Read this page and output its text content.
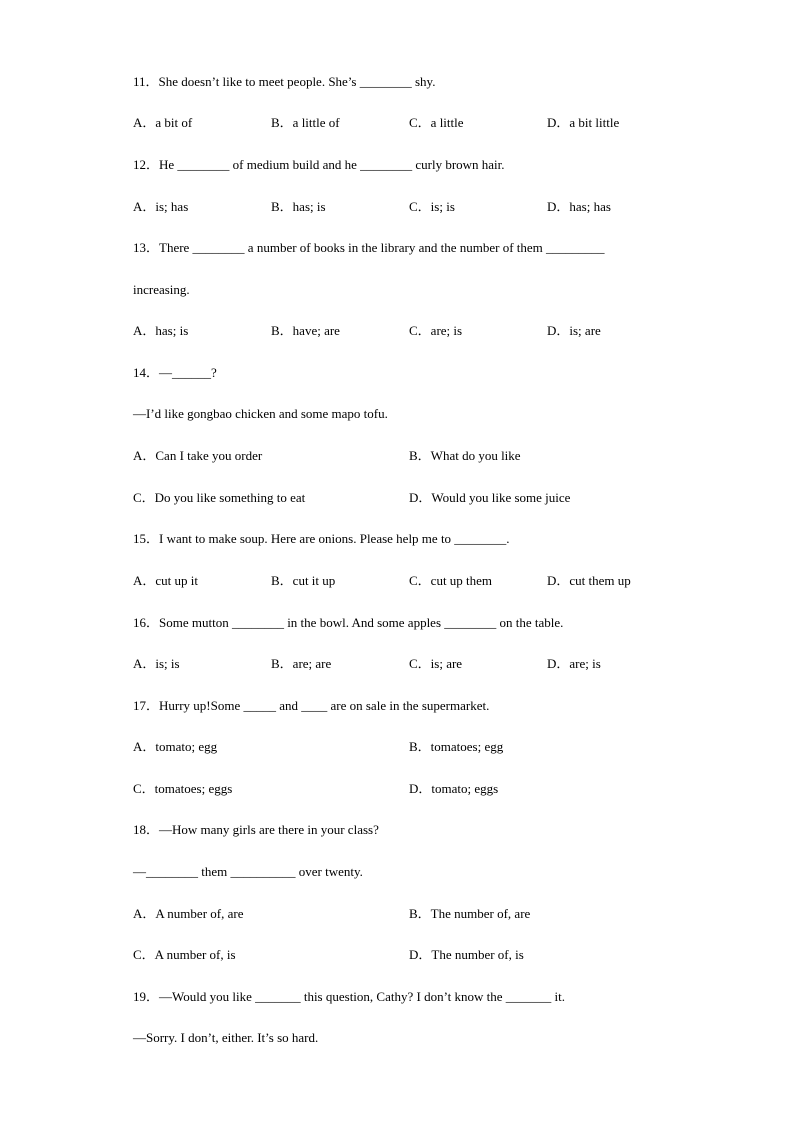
11．She doesn’t like to meet people. She’s ________ shy.
A．a bit of	B．a little of	C．a little	D．a bit little
12．He ________ of medium build and he ________ curly brown hair.
A．is; has	B．has; is	C．is; is	D．has; has
13．There ________ a number of books in the library and the number of them _________
increasing.
A．has; is	B．have; are	C．are; is	D．is; are
14．—______?
—I’d like gongbao chicken and some mapo tofu.
A．Can I take you order	B．What do you like
C．Do you like something to eat	D．Would you like some juice
15．I want to make soup. Here are onions. Please help me to ________.
A．cut up it	B．cut it up	C．cut up them	D．cut them up
16．Some mutton ________ in the bowl. And some apples ________ on the table.
A．is; is	B．are; are	C．is; are	D．are; is
17．Hurry up!Some _____ and ____ are on sale in the supermarket.
A．tomato; egg	B．tomatoes; egg
C．tomatoes; eggs	D．tomato; eggs
18．—How many girls are there in your class?
—________ them __________ over twenty.
A．A number of, are	B．The number of, are
C．A number of, is	D．The number of, is
19．—Would you like _______ this question, Cathy? I don’t know the _______ it.
—Sorry. I don’t, either. It’s so hard.
